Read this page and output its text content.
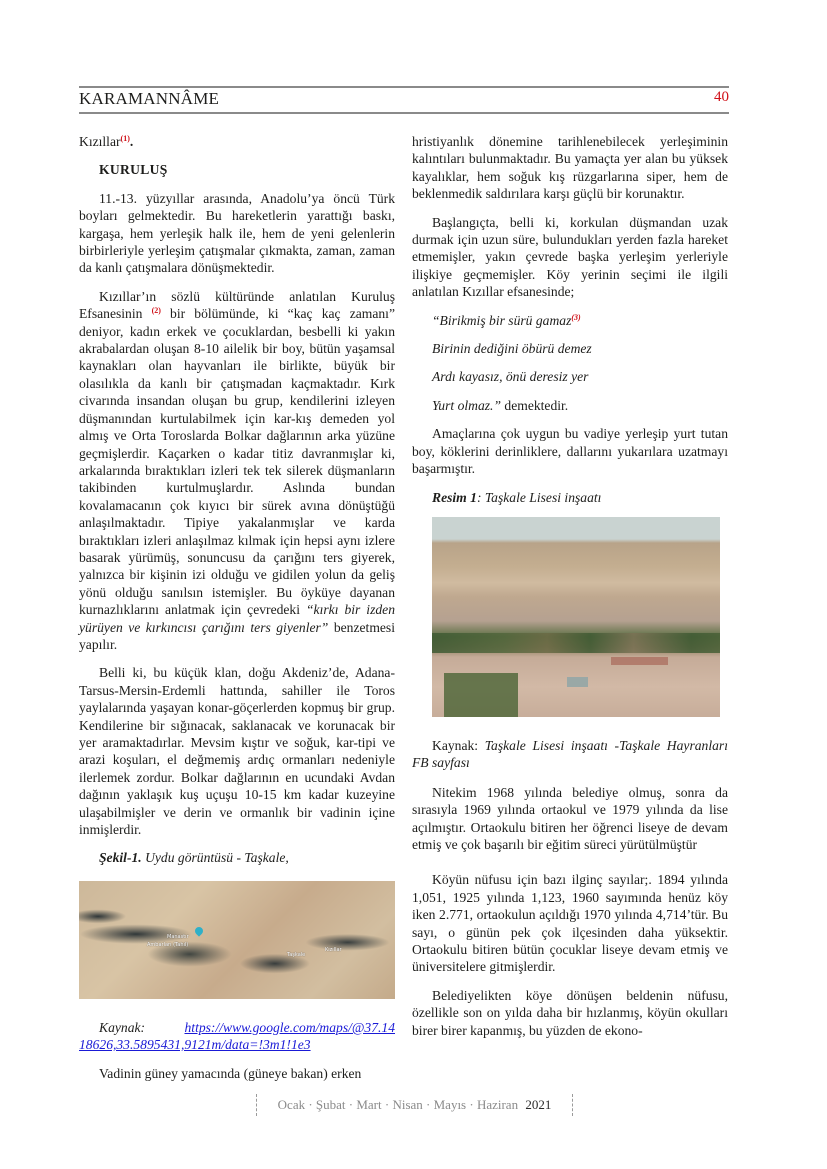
KARAMANNÂME	40

Kızıllar$^{(1)}$.

KURULUŞ

11.-13. yüzyıllar arasında, Anadolu’ya öncü Türk boyları gelmektedir. Bu hareketlerin yarattığı baskı, kargaşa, hem yerleşik halk ile, hem de yeni gelenlerin birbirleriyle yerleşim çatışmalar çıkmakta, zaman, zaman da kanlı çatışmalara dönüşmektedir.

Kızıllar’ın sözlü kültüründe anlatılan Kuruluş Efsanesinin $^{(2)}$ bir bölümünde, ki “kaç kaç zamanı” deniyor, kadın erkek ve çocuklardan, besbelli ki yakın akrabalardan oluşan 8-10 ailelik bir boy, bütün yaşamsal kaynakları olan hayvanları ile birlikte, büyük bir olasılıkla da kanlı bir çatışmadan kaçmaktadır. Kırk civarında insandan oluşan bu grup, kendilerini izleyen düşmanından kurtulabilmek için kar-kış demeden yol almış ve Orta Toroslarda Bolkar dağlarının arka yüzüne geçmişlerdir. Kaçarken o kadar titiz davranmışlar ki, arkalarında bıraktıkları izleri tek tek silerek düşmanların takibinden kurtulmuşlardır. Aslında bundan kovalamacanın çok kıyıcı bir sürek avına dönüştüğü anlaşılmaktadır. Tipiye yakalanmışlar ve karda bıraktıkları izleri anlaşılmaz kılmak için hepsi aynı izlere basarak yürümüş, sonuncusu da çarığını ters giyerek, yalnızca bir kişinin izi olduğu ve gidilen yolun da geliş yönü olduğu sanılsın istemişler. Bu öyküye dayanan kurnazlıklarını anlatmak için çevredeki “kırkı bir izden yürüyen ve kırkıncısı çarığını ters giyenler” benzetmesi yapılır.

Belli ki, bu küçük klan, doğu Akdeniz’de, Adana-Tarsus-Mersin-Erdemli hattında, sahiller ile Toros yaylalarında yaşayan konar-göçerlerden kopmuş bir grup. Kendilerine bir sığınacak, saklanacak ve korunacak bir yer aramaktadırlar. Mevsim kıştır ve soğuk, kar-tipi ve arazi koşuları, el değmemiş ardıç ormanları nedeniyle ilerlemek zordur. Bolkar dağlarının en ucundaki Avdan dağının yaklaşık kuş uçuşu 10-15 km kadar kuzeyine ulaşabilmişler ve derin ve ormanlık bir vadinin içine inmişlerdir.

Şekil-1. Uydu görüntüsü - Taşkale,

Manastır
Ambarları (Tahıl)
Taşkale
Kızıllar

Kaynak:	https://www.google.com/maps/@37.14 18626,33.5895431,9121m/data=!3m1!1e3

Vadinin güney yamacında (güneye bakan) erken

hristiyanlık dönemine tarihlenebilecek yerleşiminin kalıntıları bulunmaktadır. Bu yamaçta yer alan bu yüksek kayalıklar, hem soğuk kış rüzgarlarına siper, hem de beklenmedik saldırılara karşı güçlü bir korunaktır.

Başlangıçta, belli ki, korkulan düşmandan uzak durmak için uzun süre, bulundukları yerden fazla hareket etmemişler, yakın çevrede başka yerleşim yerleriyle ilişkiye geçmemişler. Köy yerinin seçimi ile ilgili anlatılan Kızıllar efsanesinde;

“Birikmiş bir sürü gamaz$^{(3)}$

Birinin dediğini öbürü demez

Ardı kayasız, önü deresiz yer

Yurt olmaz.” demektedir.

Amaçlarına çok uygun bu vadiye yerleşip yurt tutan boy, köklerini derinliklere, dallarını yukarılara uzatmayı başarmıştır.

Resim 1: Taşkale Lisesi inşaatı

Kaynak: Taşkale Lisesi inşaatı -Taşkale Hayranları FB sayfası

Nitekim 1968 yılında belediye olmuş, sonra da sırasıyla 1969 yılında ortaokul ve 1979 yılında da lise açılmıştır. Ortaokulu bitiren her öğrenci liseye de devam etmiş ve çok başarılı bir eğitim süreci yürütülmüştür

Köyün nüfusu için bazı ilginç sayılar;. 1894 yılında 1,051, 1925 yılında 1,123, 1960 sayımında henüz köy iken 2.771, ortaokulun açıldığı 1970 yılında 4,714’tür. Bu sayı, o günün pek çok ilçesinden daha yüksektir. Ortaokulu bitiren bütün çocuklar liseye devam etmiş ve üniversitelere gitmişlerdir.

Belediyelikten köye dönüşen beldenin nüfusu, özellikle son on yılda daha bir hızlanmış, köyün okulları birer birer kapanmış, bu yüzden de ekono-

Ocak · Şubat · Mart · Nisan · Mayıs · Haziran 2021
